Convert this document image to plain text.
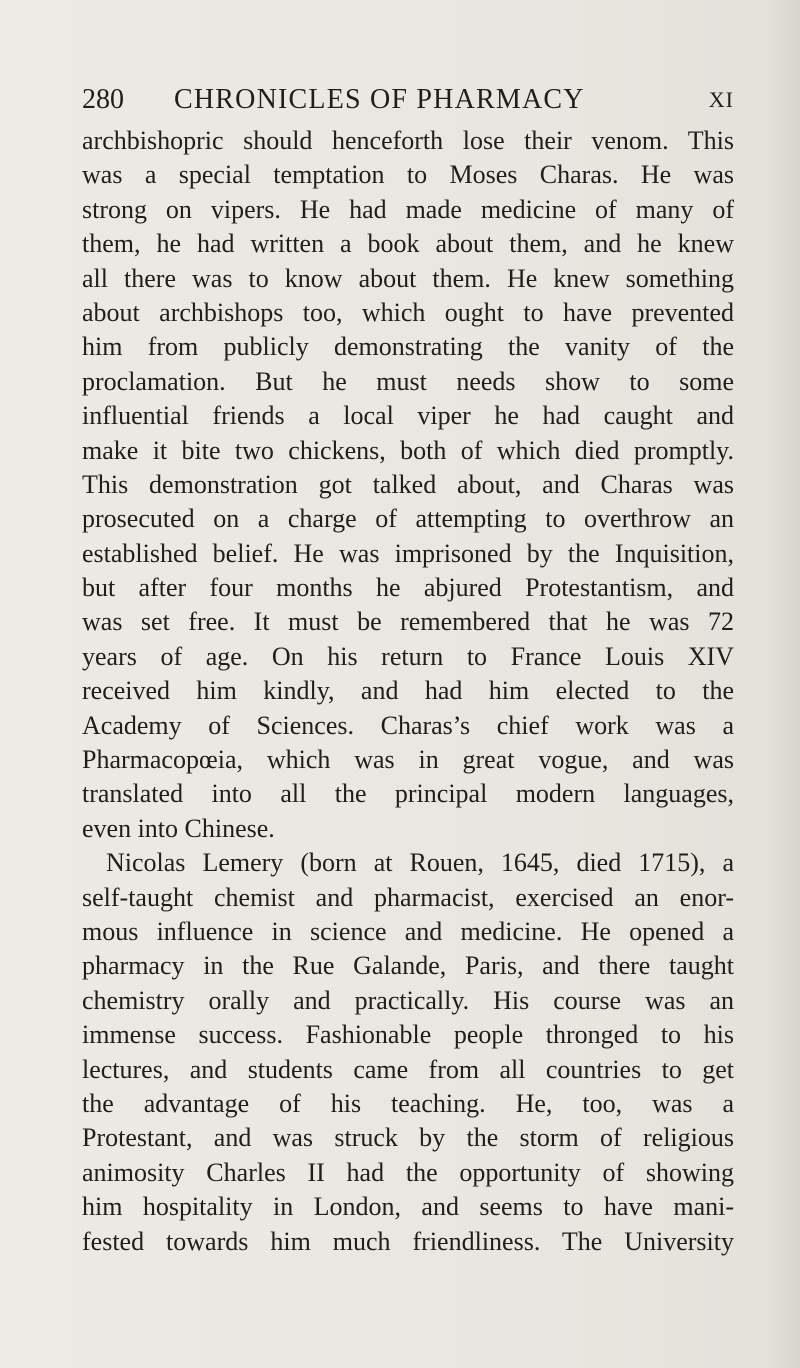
280 CHRONICLES OF PHARMACY	XI
archbishopric should henceforth lose their venom. This
was a special temptation to Moses Charas. He was
strong on vipers. He had made medicine of many of
them, he had written a book about them, and he knew
all there was to know about them. He knew something
about archbishops too, which ought to have prevented
him from publicly demonstrating the vanity of the
proclamation. But he must needs show to some
influential friends a local viper he had caught and
make it bite two chickens, both of which died promptly.
This demonstration got talked about, and Charas was
prosecuted on a charge of attempting to overthrow an
established belief. He was imprisoned by the Inquisition,
but after four months he abjured Protestantism, and
was set free. It must be remembered that he was 72
years of age. On his return to France Louis XIV
received him kindly, and had him elected to the
Academy of Sciences. Charas’s chief work was a
Pharmacopœia, which was in great vogue, and was
translated into all the principal modern languages,
even into Chinese.
Nicolas Lemery (born at Rouen, 1645, died 1715), a
self-taught chemist and pharmacist, exercised an enor-
mous influence in science and medicine. He opened a
pharmacy in the Rue Galande, Paris, and there taught
chemistry orally and practically. His course was an
immense success. Fashionable people thronged to his
lectures, and students came from all countries to get
the advantage of his teaching. He, too, was a
Protestant, and was struck by the storm of religious
animosity Charles II had the opportunity of showing
him hospitality in London, and seems to have mani-
fested towards him much friendliness. The University
